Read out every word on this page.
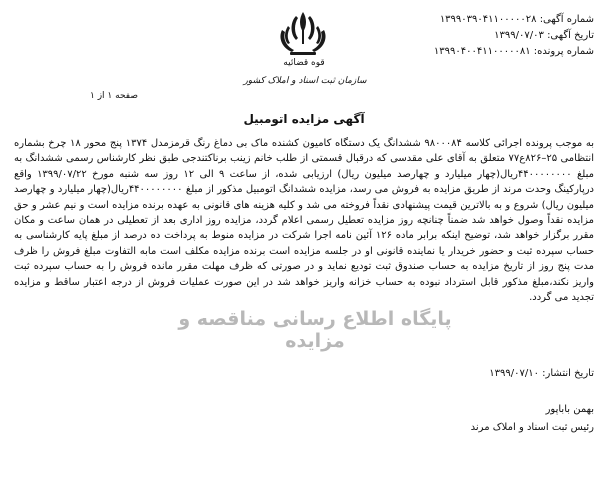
شماره آگهی: ۱۳۹۹۰۳۹۰۴۱۱۰۰۰۰۰۲۸
تاریخ آگهی: ۱۳۹۹/۰۷/۰۳
شماره پرونده: ۱۳۹۹۰۴۰۰۴۱۱۰۰۰۰۰۸۱
قوه قضائیه
سازمان ثبت اسناد و املاک کشور
صفحه ۱ از ۱
آگهی مزایده اتومبیل
به موجب پرونده اجرائی کلاسه ۹۸۰۰۰۸۴ ششدانگ یک دستگاه کامیون کشنده ماک بی دماغ رنگ قرمزمدل ۱۳۷۴ پنج محور ۱۸ چرخ بشماره انتظامی ۲۵–۸۲۶ع۷۷ متعلق به آقای علی مقدسی که درقبال قسمتی از طلب خانم زینب برناکتندجی طبق نظر کارشناس رسمی ششدانگ به مبلغ ۴۴۰۰۰۰۰۰۰۰ریال(چهار میلیارد و چهارصد میلیون ریال) ارزیابی شده، از ساعت ۹ الی ۱۲ روز سه شنبه مورخ ۱۳۹۹/۰۷/۲۲ واقع درپارکینگ وحدت مرند از طریق مزایده به فروش می رسد، مزایده ششدانگ اتومبیل مذکور از مبلغ ۴۴۰۰۰۰۰۰۰۰ریال(چهار میلیارد و چهارصد میلیون ریال) شروع و به بالاترین قیمت پیشنهادی نقداً فروخته می شد و کلیه هزینه های قانونی به عهده برنده مزایده است و نیم عشر و حق مزایده نقداً وصول خواهد شد ضمناً چنانچه روز مزایده تعطیل رسمی اعلام گردد، مزایده روز اداری بعد از تعطیلی در همان ساعت و مکان مقرر برگزار خواهد شد، توضیح اینکه برابر ماده ۱۲۶ آئین نامه اجرا شرکت در مزایده منوط به پرداخت ده درصد از مبلغ پایه کارشناسی به حساب سپرده ثبت و حضور خریدار یا نماینده قانونی او در جلسه مزایده است برنده مزایده مکلف است مابه التفاوت مبلغ فروش را ظرف مدت پنج روز از تاریخ مزایده به حساب صندوق ثبت تودیع نماید و در صورتی که ظرف مهلت مقرر مانده فروش را به حساب سپرده ثبت واریز نکند،مبلغ مذکور قابل استرداد نبوده به حساب خزانه واریز خواهد شد در این صورت عملیات فروش از درجه اعتبار ساقط و مزایده تجدید می گردد.
پایگاه اطلاع رسانی مناقصه و مزایده
تاریخ انتشار: ۱۳۹۹/۰۷/۱۰
بهمن باباپور
رئیس ثبت اسناد و املاک مرند
